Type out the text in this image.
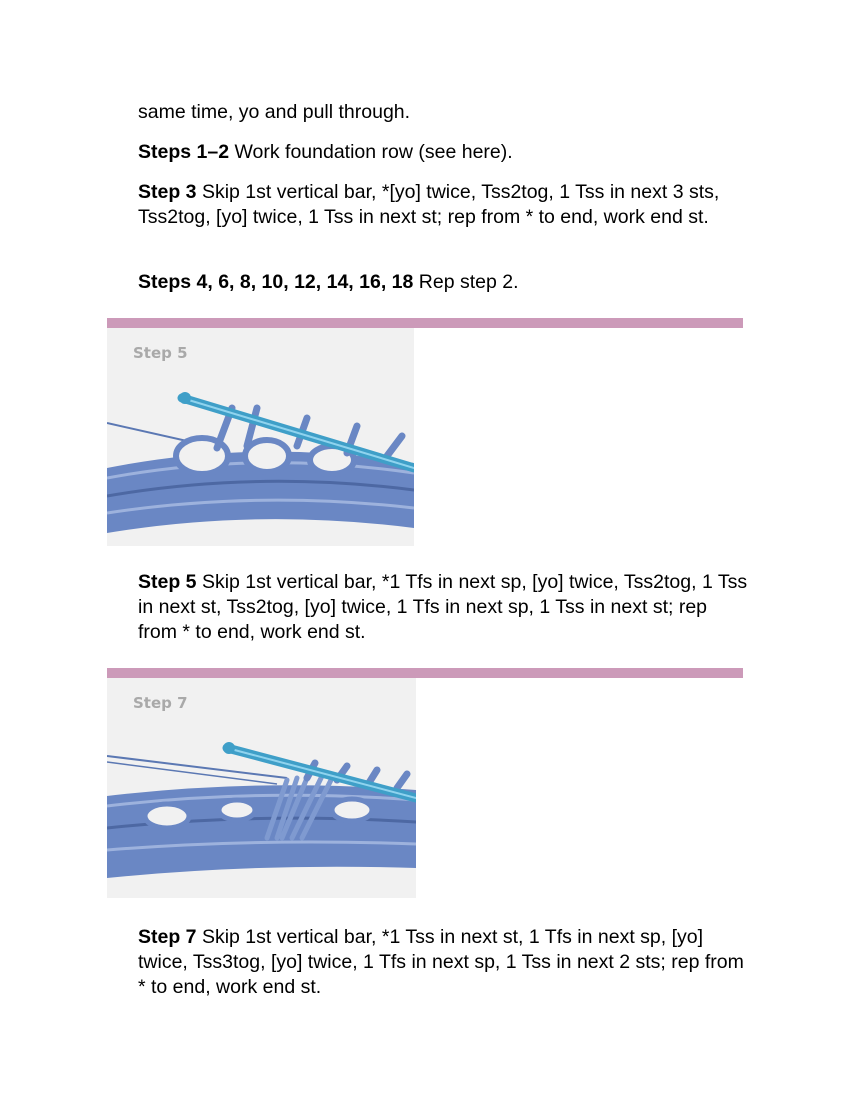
same time, yo and pull through.

Steps 1–2 Work foundation row (see here).

Step 3 Skip 1st vertical bar, *[yo] twice, Tss2tog, 1 Tss in next 3 sts, Tss2tog, [yo] twice, 1 Tss in next st; rep from * to end, work end st.

Steps 4, 6, 8, 10, 12, 14, 16, 18 Rep step 2.

Step 5

Step 5 Skip 1st vertical bar, *1 Tfs in next sp, [yo] twice, Tss2tog, 1 Tss in next st, Tss2tog, [yo] twice, 1 Tfs in next sp, 1 Tss in next st; rep from * to end, work end st.

Step 7

Step 7 Skip 1st vertical bar, *1 Tss in next st, 1 Tfs in next sp, [yo] twice, Tss3tog, [yo] twice, 1 Tfs in next sp, 1 Tss in next 2 sts; rep from * to end, work end st.
